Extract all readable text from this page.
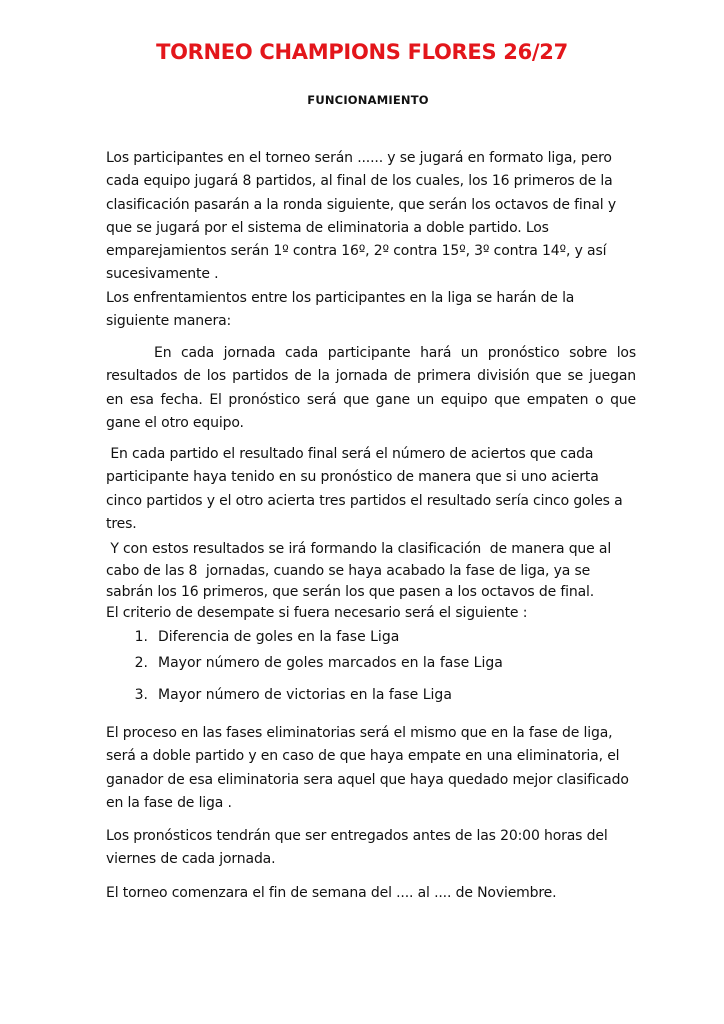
TORNEO CHAMPIONS FLORES 26/27
FUNCIONAMIENTO

Los participantes en el torneo serán ...... y se jugará en formato liga, pero cada equipo jugará 8 partidos, al final de los cuales, los 16 primeros de la clasificación pasarán a la ronda siguiente, que serán los octavos de final y que se jugará por el sistema de eliminatoria a doble partido. Los emparejamientos serán 1º contra 16º, 2º contra 15º, 3º contra 14º, y así sucesivamente .

Los enfrentamientos entre los participantes en la liga se harán de la siguiente manera:

En cada jornada cada participante hará un pronóstico sobre los resultados de los partidos de la jornada de primera división que se juegan en esa fecha. El pronóstico será que gane un equipo que empaten o que gane el otro equipo.

En cada partido el resultado final será el número de aciertos que cada participante haya tenido en su pronóstico de manera que si uno acierta cinco partidos y el otro acierta tres partidos el resultado sería cinco goles a tres.

Y con estos resultados se irá formando la clasificación  de manera que al cabo de las 8  jornadas, cuando se haya acabado la fase de liga, ya se sabrán los 16 primeros, que serán los que pasen a los octavos de final.

El criterio de desempate si fuera necesario será el siguiente :

1. Diferencia de goles en la fase Liga
2. Mayor número de goles marcados en la fase Liga
3. Mayor número de victorias en la fase Liga

El proceso en las fases eliminatorias será el mismo que en la fase de liga, será a doble partido y en caso de que haya empate en una eliminatoria, el ganador de esa eliminatoria sera aquel que haya quedado mejor clasificado en la fase de liga .

Los pronósticos tendrán que ser entregados antes de las 20:00 horas del viernes de cada jornada.

El torneo comenzara el fin de semana del .... al .... de Noviembre.
